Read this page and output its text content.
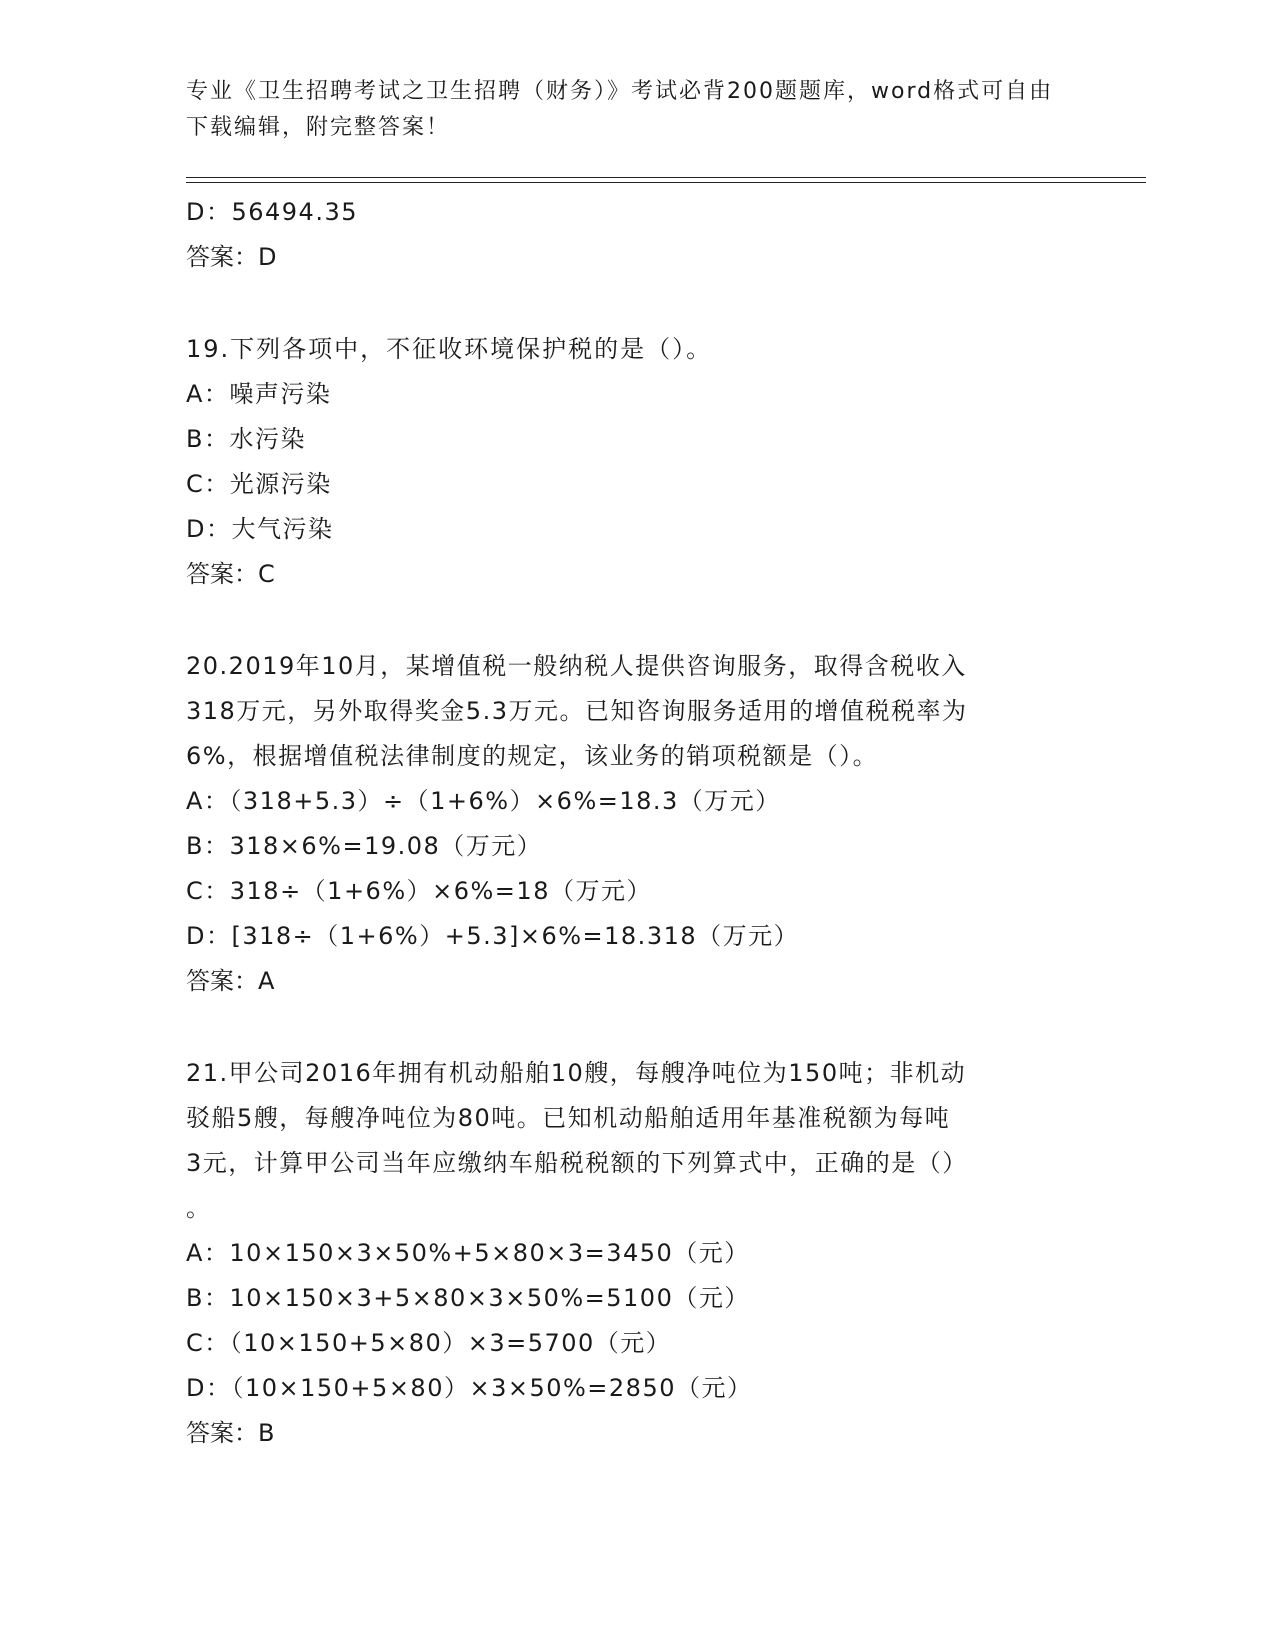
专业《卫生招聘考试之卫生招聘（财务）》考试必背200题题库，word格式可自由下载编辑，附完整答案！
D：56494.35
答案：D
19.下列各项中，不征收环境保护税的是（）。
A：噪声污染
B：水污染
C：光源污染
D：大气污染
答案：C
20.2019年10月，某增值税一般纳税人提供咨询服务，取得含税收入
318万元，另外取得奖金5.3万元。已知咨询服务适用的增值税税率为
6%，根据增值税法律制度的规定，该业务的销项税额是（）。
A：（318+5.3）÷（1+6%）×6%=18.3（万元）
B：318×6%=19.08（万元）
C：318÷（1+6%）×6%=18（万元）
D：[318÷（1+6%）+5.3]×6%=18.318（万元）
答案：A
21.甲公司2016年拥有机动船舶10艘，每艘净吨位为150吨；非机动
驳船5艘，每艘净吨位为80吨。已知机动船舶适用年基准税额为每吨
3元，计算甲公司当年应缴纳车船税税额的下列算式中，正确的是（）
。
A：10×150×3×50%+5×80×3=3450（元）
B：10×150×3+5×80×3×50%=5100（元）
C：（10×150+5×80）×3=5700（元）
D：（10×150+5×80）×3×50%=2850（元）
答案：B
